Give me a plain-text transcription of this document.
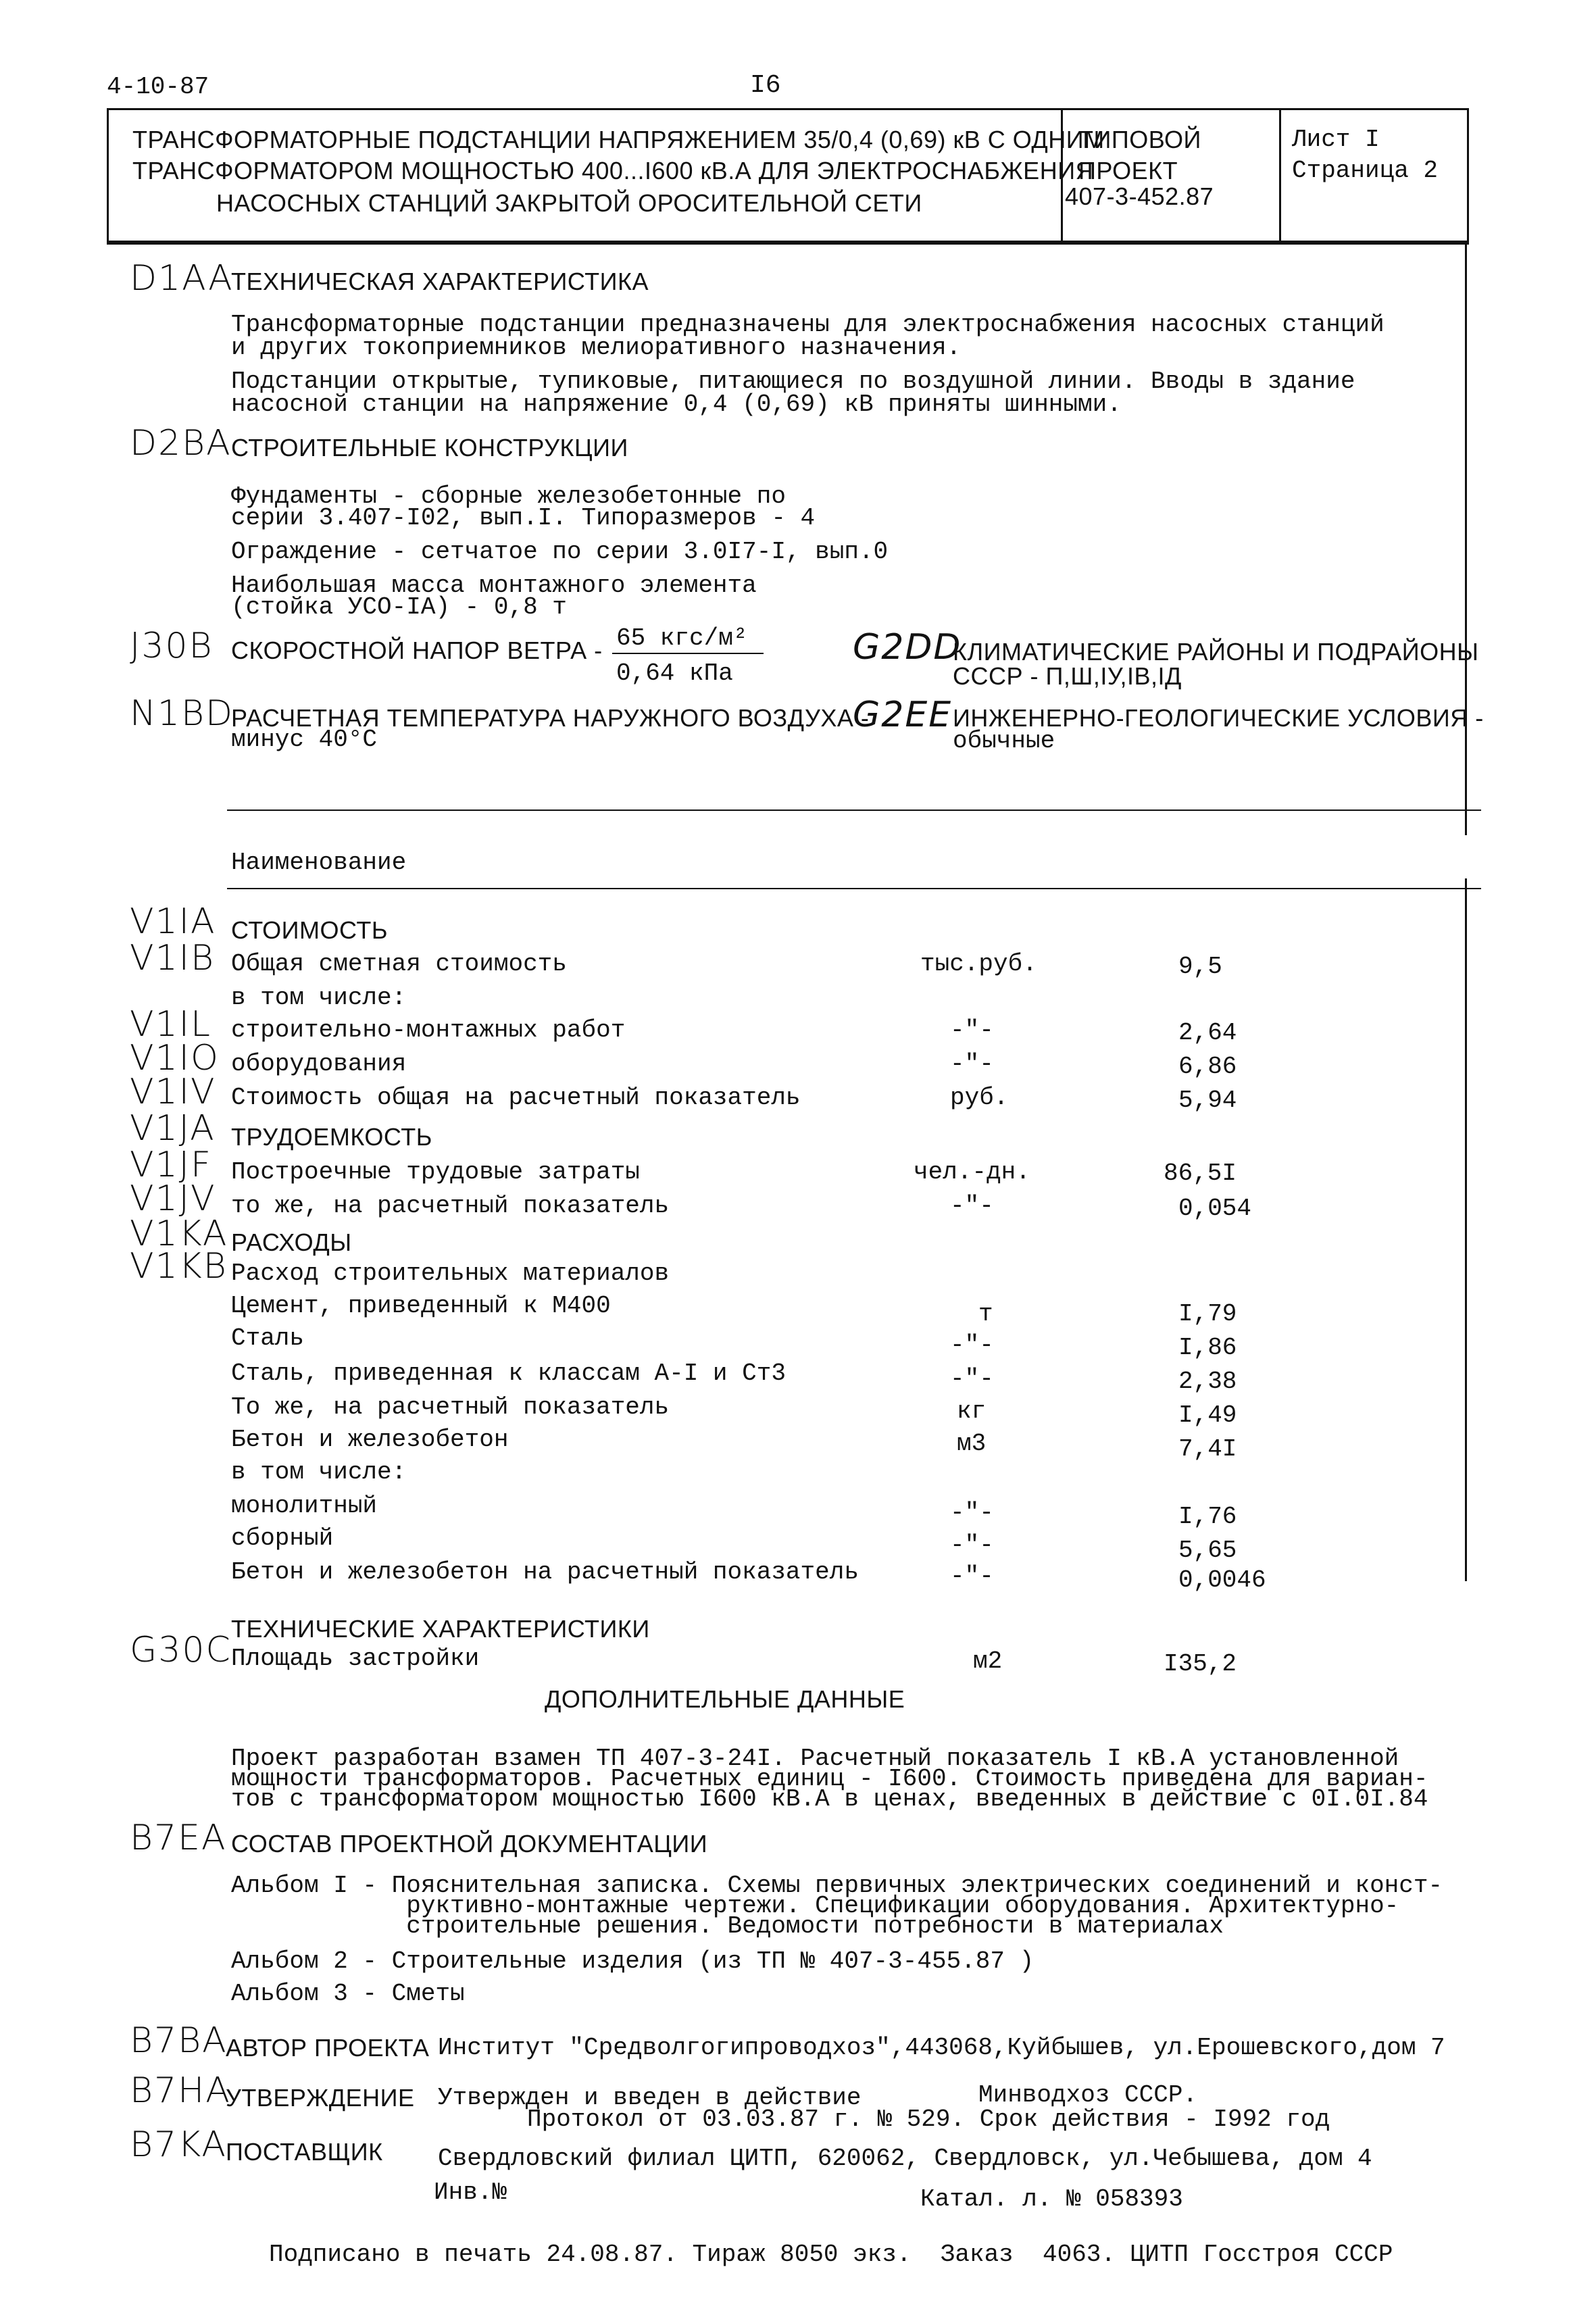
4-10-87	I6
ТРАНСФОРМАТОРНЫЕ ПОДСТАНЦИИ НАПРЯЖЕНИЕМ 35/0,4 (0,69) кВ С ОДНИМ
ТРАНСФОРМАТОРОМ МОЩНОСТЬЮ 400...I600 кВ.А ДЛЯ ЭЛЕКТРОСНАБЖЕНИЯ
НАСОСНЫХ СТАНЦИЙ ЗАКРЫТОЙ ОРОСИТЕЛЬНОЙ СЕТИ
ТИПОВОЙ
ПРОЕКТ
407-3-452.87
Лист I
Страница 2
D1AA
ТЕХНИЧЕСКАЯ ХАРАКТЕРИСТИКА
Трансформаторные подстанции предназначены для электроснабжения насосных станций
и других токоприемников мелиоративного назначения.
Подстанции открытые, тупиковые, питающиеся по воздушной линии. Вводы в здание
насосной станции на напряжение 0,4 (0,69) кВ приняты шинными.
D2BA СТРОИТЕЛЬНЫЕ КОНСТРУКЦИИ
Фундаменты - сборные железобетонные по
серии 3.407-I02, вып.I. Типоразмеров - 4
Ограждение - сетчатое по серии 3.0I7-I, вып.0
Наибольшая масса монтажного элемента
(стойка УСО-IА) - 0,8 т
J30B СКОРОСТНОЙ НАПОР ВЕТРА - 65 кгс/м²
0,64 кПа
G2DD
КЛИМАТИЧЕСКИЕ РАЙОНЫ И ПОДРАЙОНЫ
СССР - П,Ш,IУ,IВ,IД
N1BD
РАСЧЕТНАЯ ТЕМПЕРАТУРА НАРУЖНОГО ВОЗДУХА -
минус 40°С
G2EE ИНЖЕНЕРНО-ГЕОЛОГИЧЕСКИЕ УСЛОВИЯ -
обычные
Наименование
V1IA СТОИМОСТЬ
V1IB Общая сметная стоимость	тыс.руб.	9,5
в том числе:
V1IL строительно-монтажных работ	-"-	2,64
V1IO оборудования	-"-	6,86
V1IV Стоимость общая на расчетный показатель	руб.	5,94
V1JA ТРУДОЕМКОСТЬ
V1JF Построечные трудовые затраты	чел.-дн.	86,5I
V1JV то же, на расчетный показатель	-"-	0,054
V1KA РАСХОДЫ
V1KB Расход строительных материалов
Цемент, приведенный к М400	т	I,79
Сталь	-"-	I,86
Сталь, приведенная к классам А-I и Ст3	-"-	2,38
То же, на расчетный показатель	кг	I,49
Бетон и железобетон	м3	7,4I
в том числе:
монолитный	-"-	I,76
сборный	-"-	5,65
Бетон и железобетон на расчетный показатель	-"-	0,0046
ТЕХНИЧЕСКИЕ ХАРАКТЕРИСТИКИ
G30C Площадь застройки	м2	I35,2
ДОПОЛНИТЕЛЬНЫЕ ДАННЫЕ
Проект разработан взамен ТП 407-3-24I. Расчетный показатель I кВ.А установленной
мощности трансформаторов. Расчетных единиц - I600. Стоимость приведена для вариан-
тов с трансформатором мощностью I600 кВ.А в ценах, введенных в действие с 0I.0I.84
B7EA СОСТАВ ПРОЕКТНОЙ ДОКУМЕНТАЦИИ
Альбом I - Пояснительная записка. Схемы первичных электрических соединений и конст-
руктивно-монтажные чертежи. Спецификации оборудования. Архитектурно-
строительные решения. Ведомости потребности в материалах
Альбом 2 - Строительные изделия (из ТП № 407-3-455.87 )
Альбом 3 - Сметы
B7BA
АВТОР ПРОЕКТА Институт "Средволгогипроводхоз",443068,Куйбышев, ул.Ерошевского,дом 7
B7HA
УТВЕРЖДЕНИЕ Утвержден и введен в действие	Минводхоз СССР.
Протокол от 03.03.87 г. № 529. Срок действия - I992 год
B7KA
ПОСТАВЩИК Свердловский филиал ЦИТП, 620062, Свердловск, ул.Чебышева, дом 4
Инв.№	Катал. л. № 058393
Подписано в печать 24.08.87. Тираж 8050 экз.  Заказ  4063. ЦИТП Госстроя СССР
